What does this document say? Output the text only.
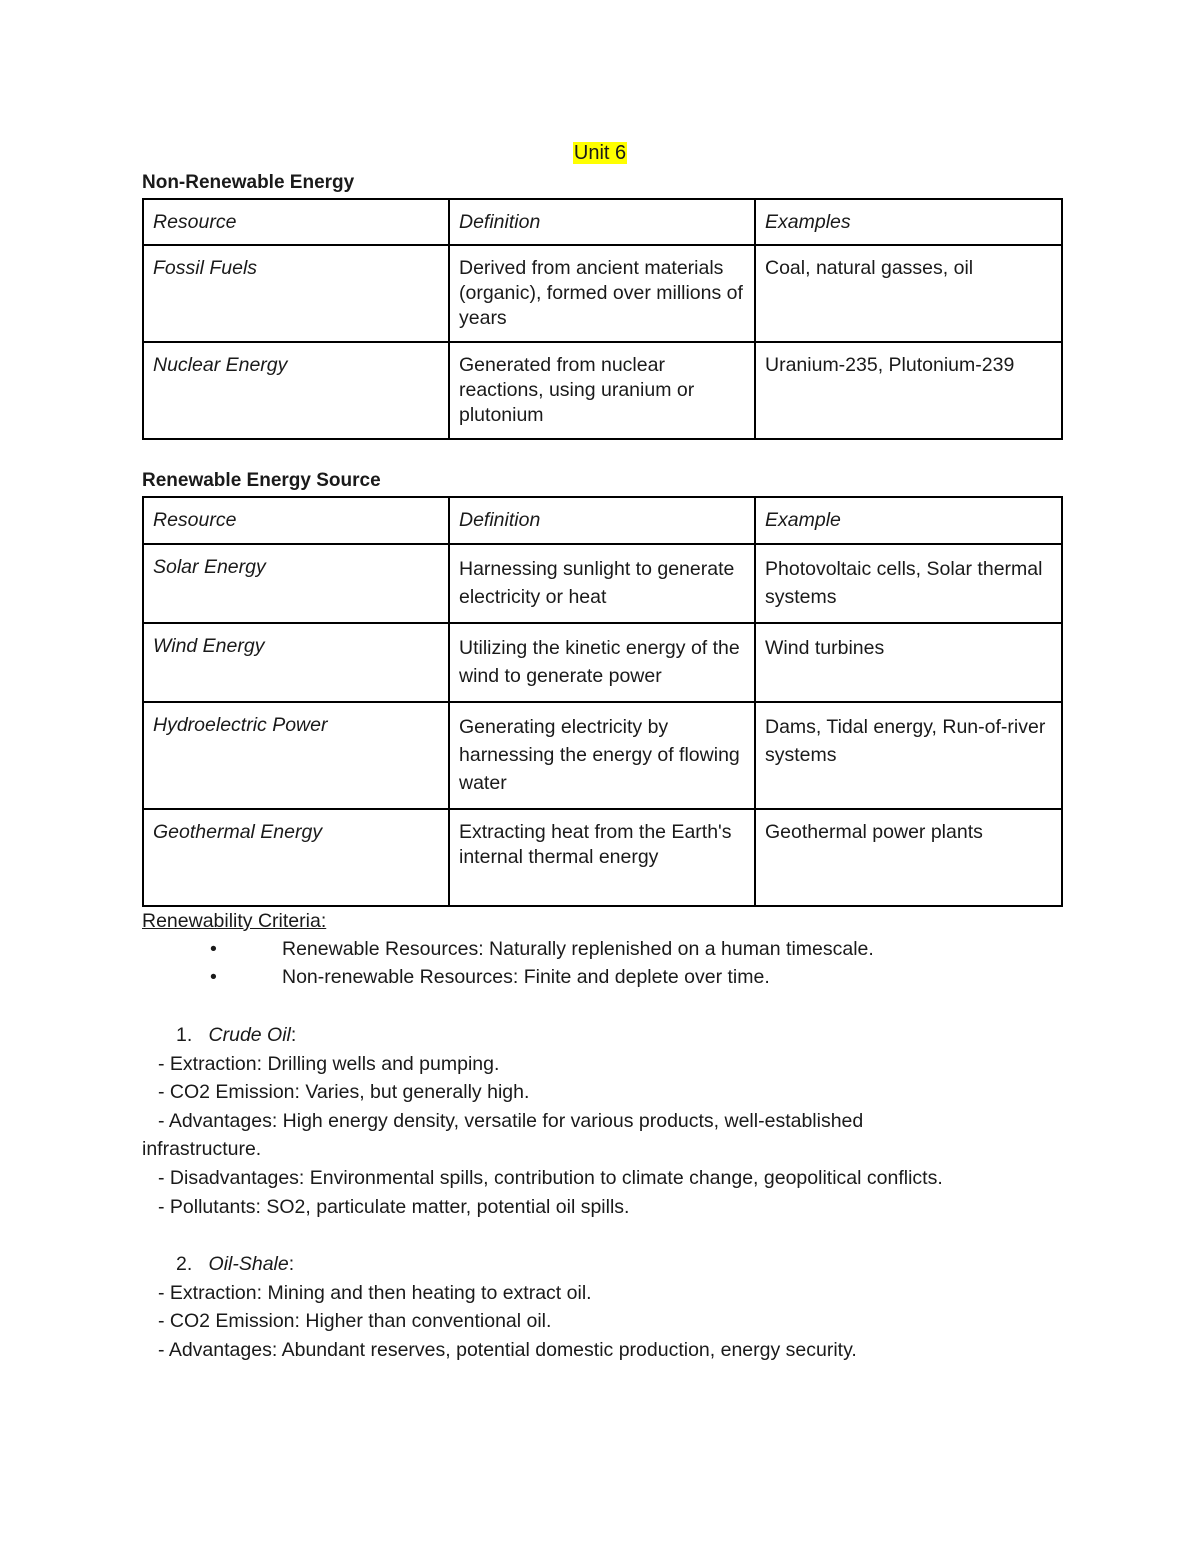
Unit 6
Non-Renewable Energy
Resource	Definition	Examples
Fossil Fuels	Derived from ancient materials (organic), formed over millions of years	Coal, natural gasses, oil
Nuclear Energy	Generated from nuclear reactions, using uranium or plutonium	Uranium-235, Plutonium-239
Renewable Energy Source
Resource	Definition	Example
Solar Energy	Harnessing sunlight to generate electricity or heat	Photovoltaic cells, Solar thermal systems
Wind Energy	Utilizing the kinetic energy of the wind to generate power	Wind turbines
Hydroelectric Power	Generating electricity by harnessing the energy of flowing water	Dams, Tidal energy, Run-of-river systems
Geothermal Energy	Extracting heat from the Earth's internal thermal energy	Geothermal power plants
Renewability Criteria:
•	Renewable Resources: Naturally replenished on a human timescale.
•	Non-renewable Resources: Finite and deplete over time.
1. Crude Oil:
- Extraction: Drilling wells and pumping.
- CO2 Emission: Varies, but generally high.
- Advantages: High energy density, versatile for various products, well-established
infrastructure.
- Disadvantages: Environmental spills, contribution to climate change, geopolitical conflicts.
- Pollutants: SO2, particulate matter, potential oil spills.
2. Oil-Shale:
- Extraction: Mining and then heating to extract oil.
- CO2 Emission: Higher than conventional oil.
- Advantages: Abundant reserves, potential domestic production, energy security.
